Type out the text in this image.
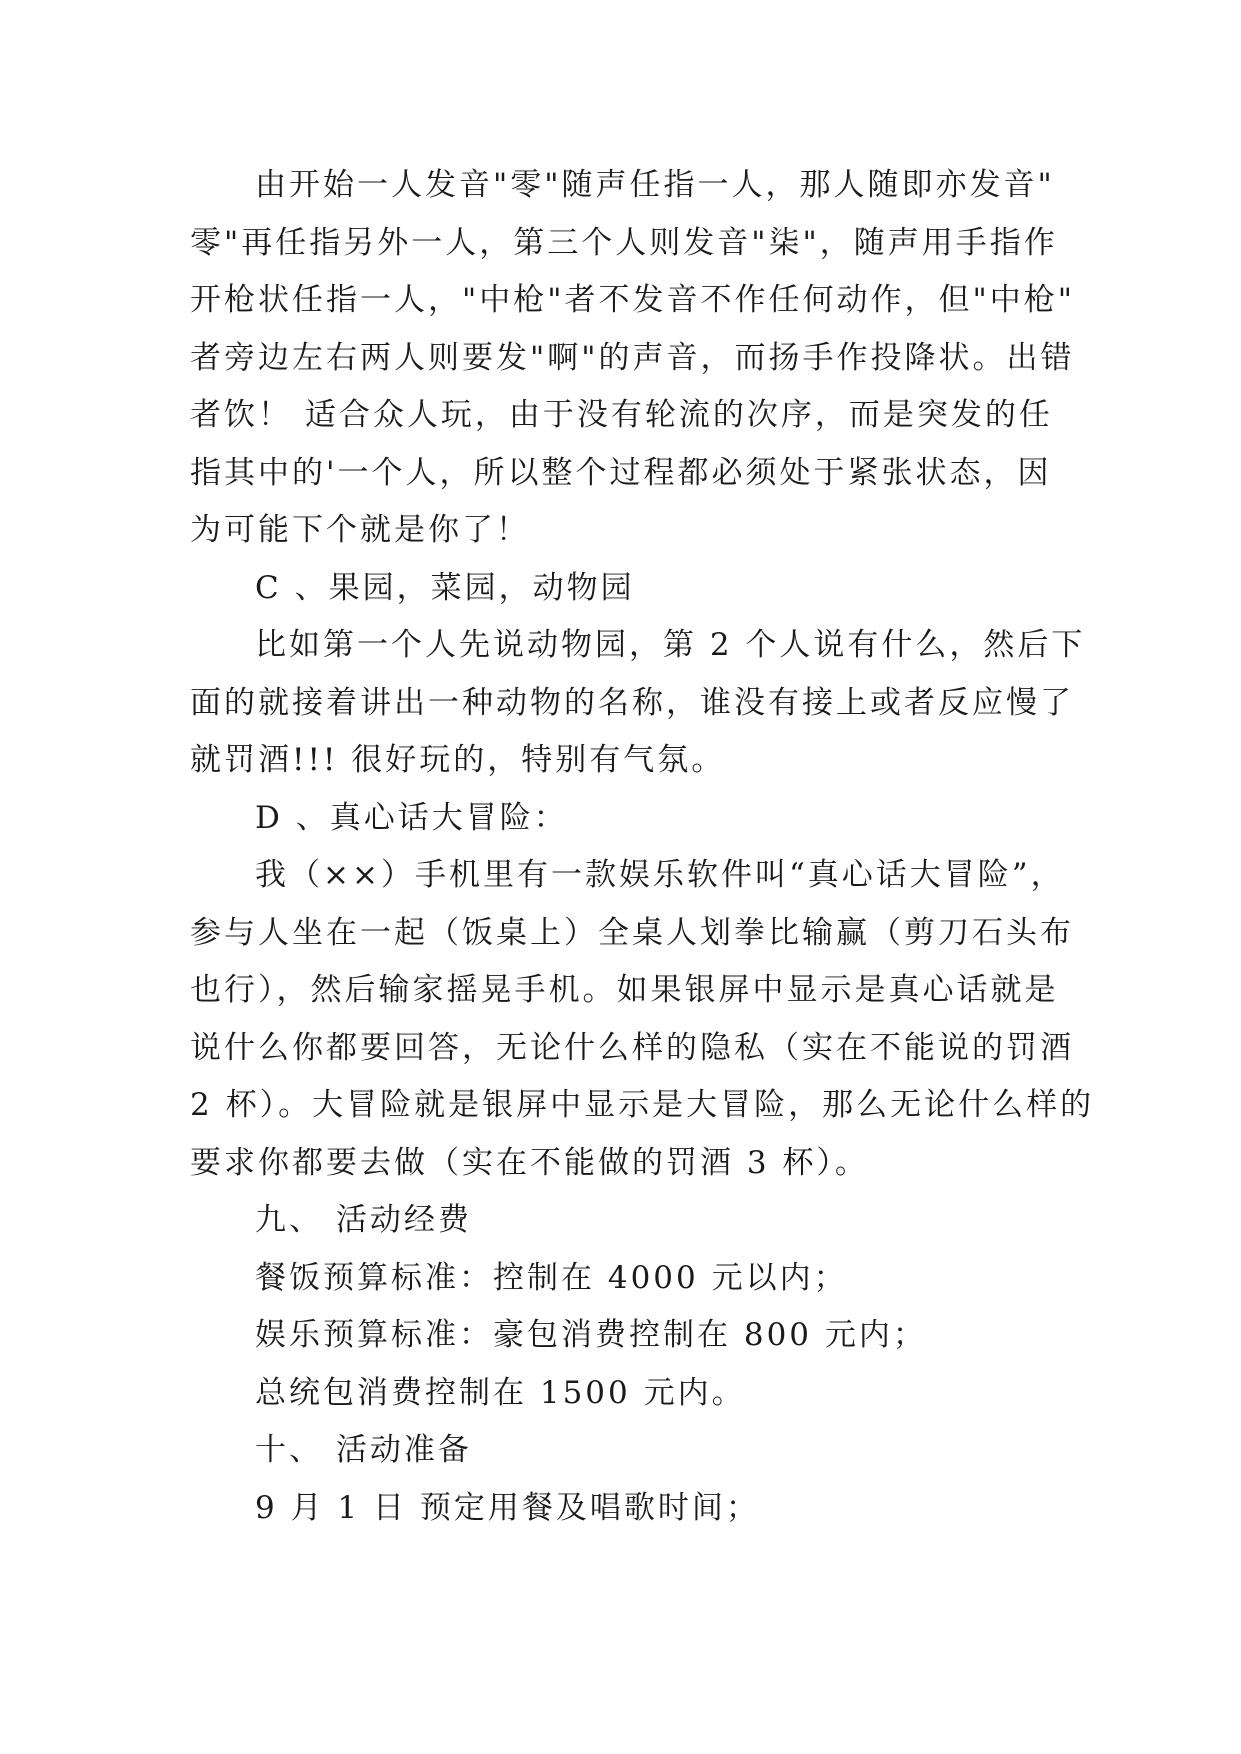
由开始一人发音"零"随声任指一人，那人随即亦发音"
零"再任指另外一人，第三个人则发音"柒"，随声用手指作
开枪状任指一人，"中枪"者不发音不作任何动作，但"中枪"
者旁边左右两人则要发"啊"的声音，而扬手作投降状。出错
者饮！ 适合众人玩，由于没有轮流的次序，而是突发的任
指其中的'一个人，所以整个过程都必须处于紧张状态，因
为可能下个就是你了！
C 、果园，菜园，动物园
比如第一个人先说动物园，第 2 个人说有什么，然后下
面的就接着讲出一种动物的名称，谁没有接上或者反应慢了
就罚酒!!! 很好玩的，特别有气氛。
D 、真心话大冒险：
我（××）手机里有一款娱乐软件叫“真心话大冒险”，
参与人坐在一起（饭桌上）全桌人划拳比输赢（剪刀石头布
也行），然后输家摇晃手机。如果银屏中显示是真心话就是
说什么你都要回答，无论什么样的隐私（实在不能说的罚酒
2 杯）。大冒险就是银屏中显示是大冒险，那么无论什么样的
要求你都要去做（实在不能做的罚酒 3 杯）。
九、 活动经费
餐饭预算标准：控制在 4000 元以内；
娱乐预算标准：豪包消费控制在 800 元内；
总统包消费控制在 1500 元内。
十、 活动准备
9 月 1 日 预定用餐及唱歌时间；
